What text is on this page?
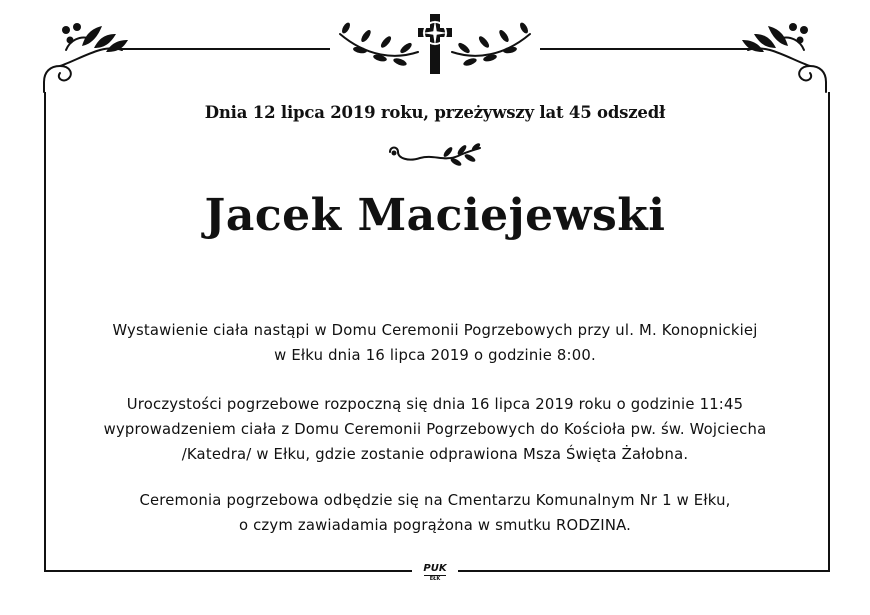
Dnia 12 lipca 2019 roku, przeżywszy lat 45 odszedł
Jacek Maciejewski
Wystawienie ciała nastąpi w Domu Ceremonii Pogrzebowych przy ul. M. Konopnickiej
w Ełku dnia 16 lipca 2019 o godzinie 8:00.
Uroczystości pogrzebowe rozpoczną się dnia 16 lipca 2019 roku o godzinie 11:45
wyprowadzeniem ciała z Domu Ceremonii Pogrzebowych do Kościoła pw. św. Wojciecha
/Katedra/ w Ełku, gdzie zostanie odprawiona Msza Święta Żałobna.
Ceremonia pogrzebowa odbędzie się na Cmentarzu Komunalnym Nr 1 w Ełku,
o czym zawiadamia pogrążona w smutku RODZINA.
PUK
EŁK
